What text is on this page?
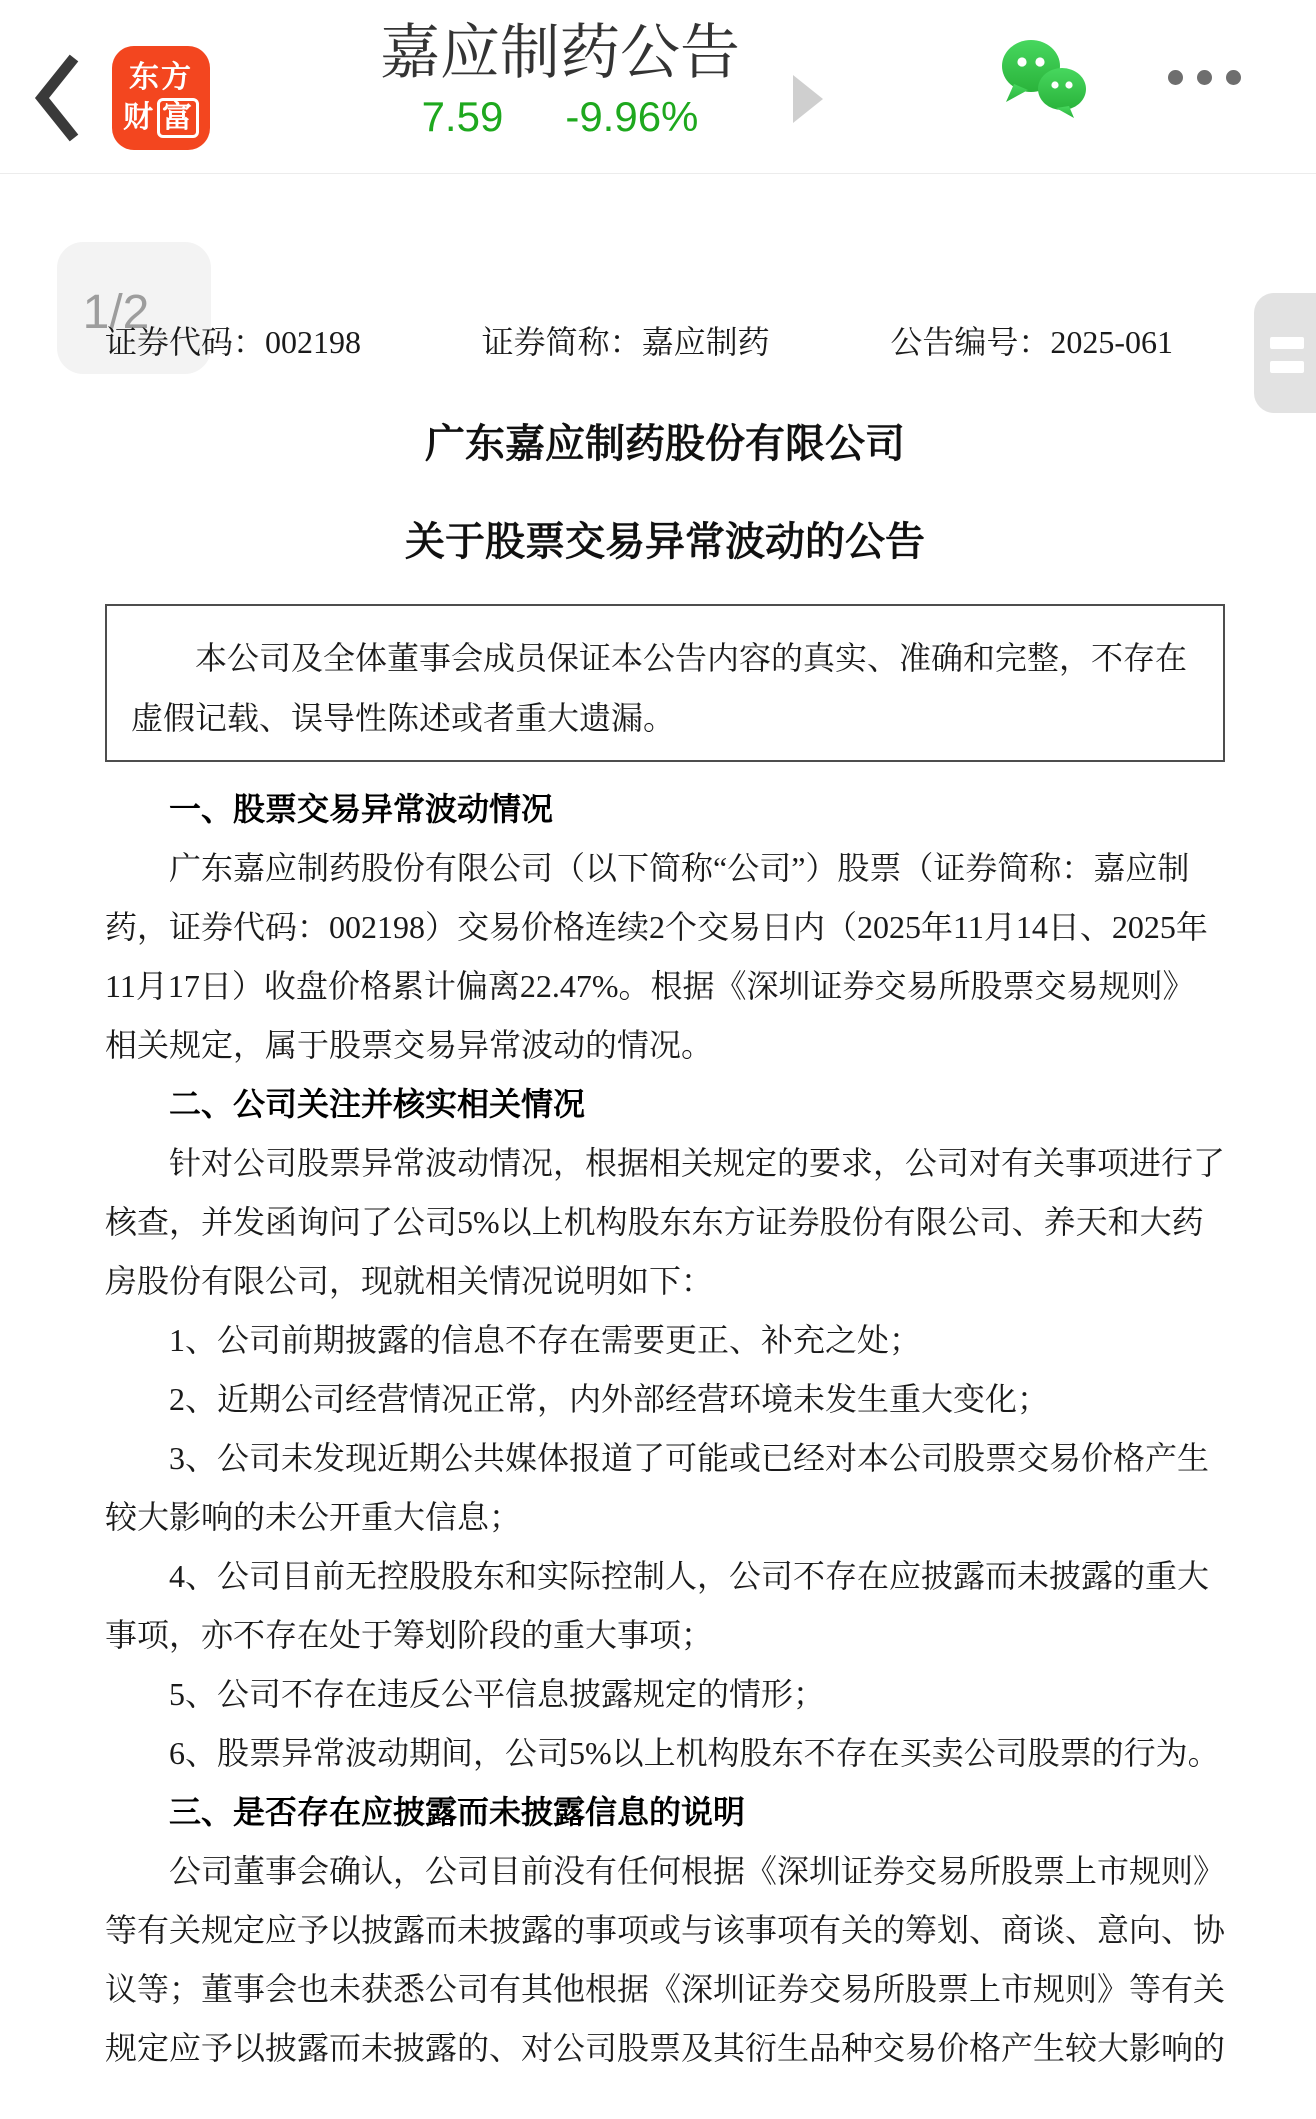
东方
财 富
嘉应制药公告
7.59 -9.96%
1/2
证券代码：002198	证券简称：嘉应制药	公告编号：2025-061
广东嘉应制药股份有限公司
关于股票交易异常波动的公告

本公司及全体董事会成员保证本公告内容的真实、准确和完整，不存在虚假记载、误导性陈述或者重大遗漏。

一、股票交易异常波动情况

广东嘉应制药股份有限公司（以下简称“公司”）股票（证券简称：嘉应制药，证券代码：002198）交易价格连续2个交易日内（2025年11月14日、2025年11月17日）收盘价格累计偏离22.47%。根据《深圳证券交易所股票交易规则》相关规定，属于股票交易异常波动的情况。

二、公司关注并核实相关情况

针对公司股票异常波动情况，根据相关规定的要求，公司对有关事项进行了核查，并发函询问了公司5%以上机构股东东方证券股份有限公司、养天和大药房股份有限公司，现就相关情况说明如下：

1、公司前期披露的信息不存在需要更正、补充之处；

2、近期公司经营情况正常，内外部经营环境未发生重大变化；

3、公司未发现近期公共媒体报道了可能或已经对本公司股票交易价格产生较大影响的未公开重大信息；

4、公司目前无控股股东和实际控制人，公司不存在应披露而未披露的重大事项，亦不存在处于筹划阶段的重大事项；

5、公司不存在违反公平信息披露规定的情形；

6、股票异常波动期间，公司5%以上机构股东不存在买卖公司股票的行为。

三、是否存在应披露而未披露信息的说明

公司董事会确认，公司目前没有任何根据《深圳证券交易所股票上市规则》等有关规定应予以披露而未披露的事项或与该事项有关的筹划、商谈、意向、协议等；董事会也未获悉公司有其他根据《深圳证券交易所股票上市规则》等有关规定应予以披露而未披露的、对公司股票及其衍生品种交易价格产生较大影响的
